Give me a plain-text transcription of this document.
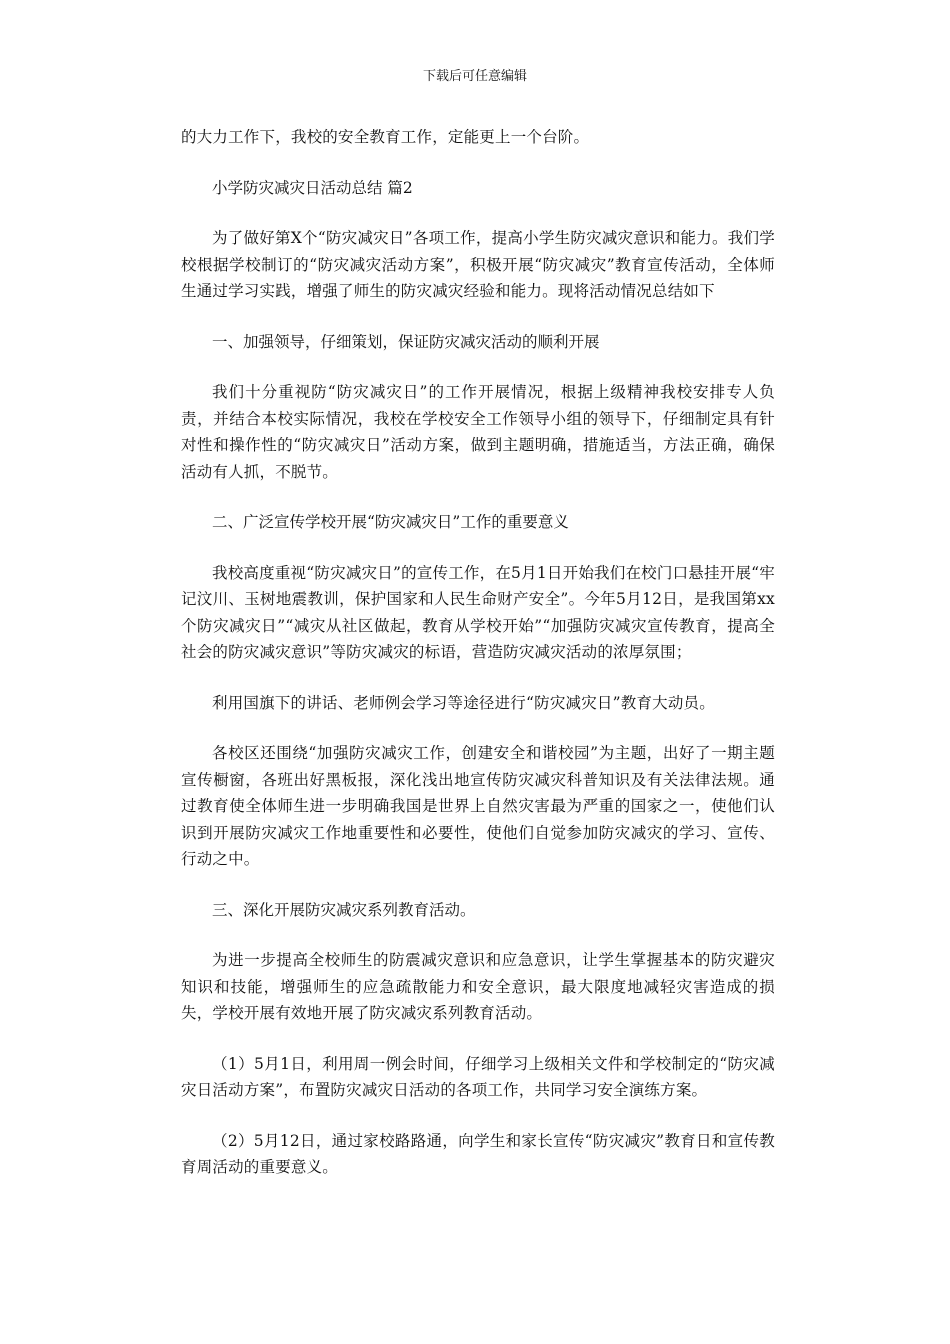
下载后可任意编辑

的大力工作下，我校的安全教育工作，定能更上一个台阶。

小学防灾减灾日活动总结 篇2

为了做好第X个“防灾减灾日”各项工作，提高小学生防灾减灾意识和能力。我们学校根据学校制订的“防灾减灾活动方案”，积极开展“防灾减灾”教育宣传活动，全体师生通过学习实践，增强了师生的防灾减灾经验和能力。现将活动情况总结如下

一、加强领导，仔细策划，保证防灾减灾活动的顺利开展

我们十分重视防“防灾减灾日”的工作开展情况，根据上级精神我校安排专人负责，并结合本校实际情况，我校在学校安全工作领导小组的领导下，仔细制定具有针对性和操作性的“防灾减灾日”活动方案，做到主题明确，措施适当，方法正确，确保活动有人抓，不脱节。

二、广泛宣传学校开展“防灾减灾日”工作的重要意义

我校高度重视“防灾减灾日”的宣传工作，在5月1日开始我们在校门口悬挂开展“牢记汶川、玉树地震教训，保护国家和人民生命财产安全”。今年5月12日，是我国第xx个防灾减灾日”“减灾从社区做起，教育从学校开始”“加强防灾减灾宣传教育，提高全社会的防灾减灾意识”等防灾减灾的标语，营造防灾减灾活动的浓厚氛围；

利用国旗下的讲话、老师例会学习等途径进行“防灾减灾日”教育大动员。

各校区还围绕“加强防灾减灾工作，创建安全和谐校园”为主题，出好了一期主题宣传橱窗，各班出好黑板报，深化浅出地宣传防灾减灾科普知识及有关法律法规。通过教育使全体师生进一步明确我国是世界上自然灾害最为严重的国家之一，使他们认识到开展防灾减灾工作地重要性和必要性，使他们自觉参加防灾减灾的学习、宣传、行动之中。

三、深化开展防灾减灾系列教育活动。

为进一步提高全校师生的防震减灾意识和应急意识，让学生掌握基本的防灾避灾知识和技能，增强师生的应急疏散能力和安全意识，最大限度地减轻灾害造成的损失，学校开展有效地开展了防灾减灾系列教育活动。

（1）5月1日，利用周一例会时间，仔细学习上级相关文件和学校制定的“防灾减灾日活动方案”，布置防灾减灾日活动的各项工作，共同学习安全演练方案。

（2）5月12日，通过家校路路通，向学生和家长宣传“防灾减灾”教育日和宣传教育周活动的重要意义。
